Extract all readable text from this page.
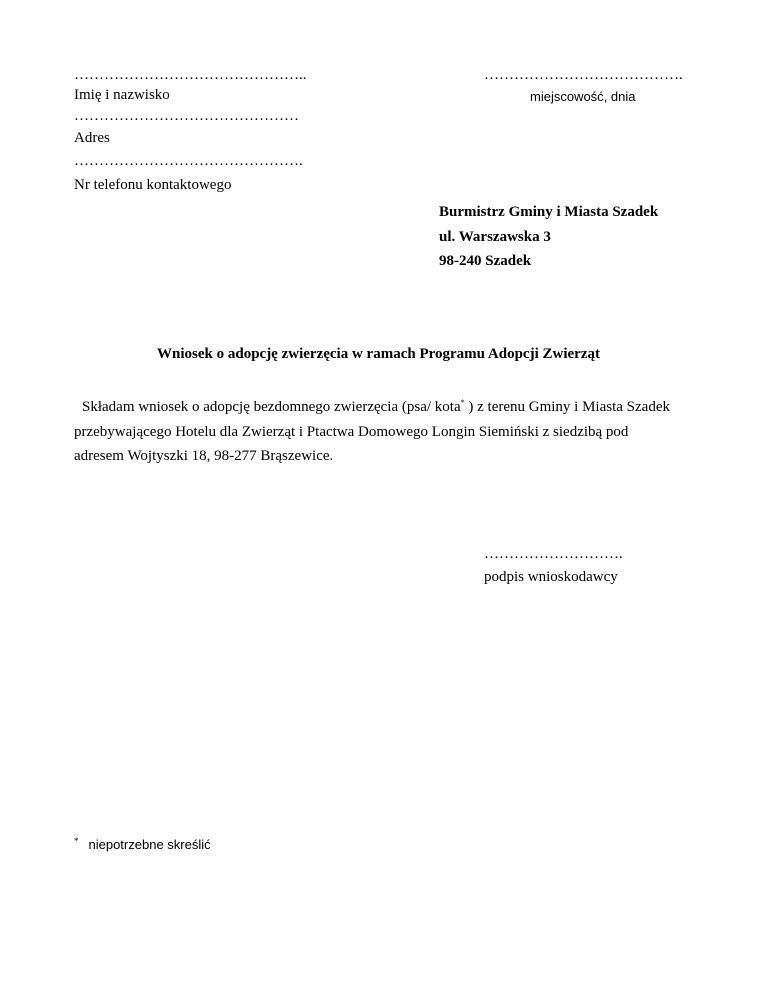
………………………………………..
Imię i nazwisko
………………………………………
Adres
……………………………………….
Nr telefonu kontaktowego
………………………………….
miejscowość, dnia
Burmistrz Gminy i Miasta Szadek
ul. Warszawska 3
98-240 Szadek
Wniosek o adopcję zwierzęcia w ramach Programu Adopcji Zwierząt
Składam wniosek o adopcję bezdomnego zwierzęcia (psa/ kota* ) z terenu Gminy i Miasta Szadek
przebywającego Hotelu dla Zwierząt i Ptactwa Domowego Longin Siemiński z siedzibą pod
adresem Wojtyszki 18, 98-277 Brąszewice.
……………………….
podpis wnioskodawcy
* niepotrzebne skreślić
